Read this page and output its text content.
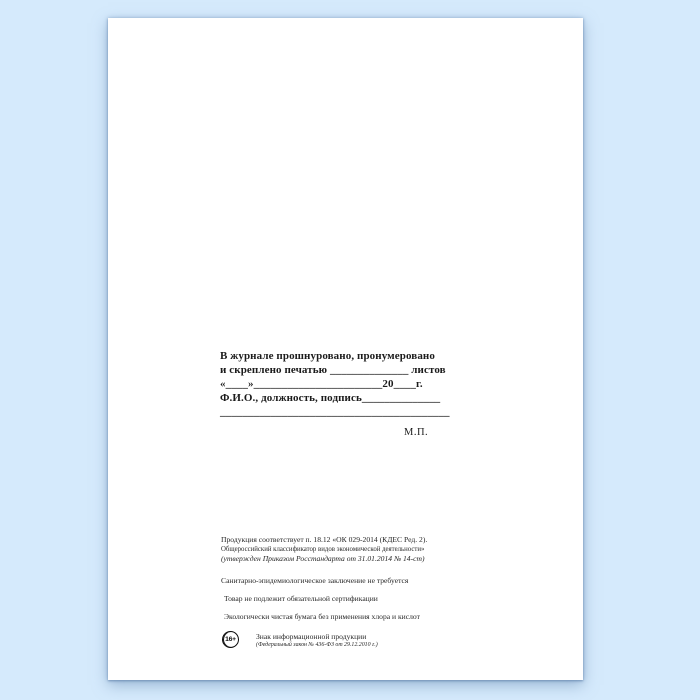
В журнале прошнуровано, пронумеровано
и скреплено печатью ______________ листов
«____»_______________________20____г.
Ф.И.О., должность, подпись______________
_________________________________________
М.П.
Продукция соответствует п. 18.12 «ОК 029-2014 (КДЕС Ред. 2).
Общероссийский классификатор видов экономической деятельности»
(утвержден Приказом Росстандарта от 31.01.2014 № 14-ст)
Санитарно-эпидемиологическое заключение не требуется
Товар не подлежит обязательной сертификации
Экологически чистая бумага без применения хлора и кислот
16+	Знак информационной продукции
(Федеральный закон № 436-ФЗ от 29.12.2010 г.)
